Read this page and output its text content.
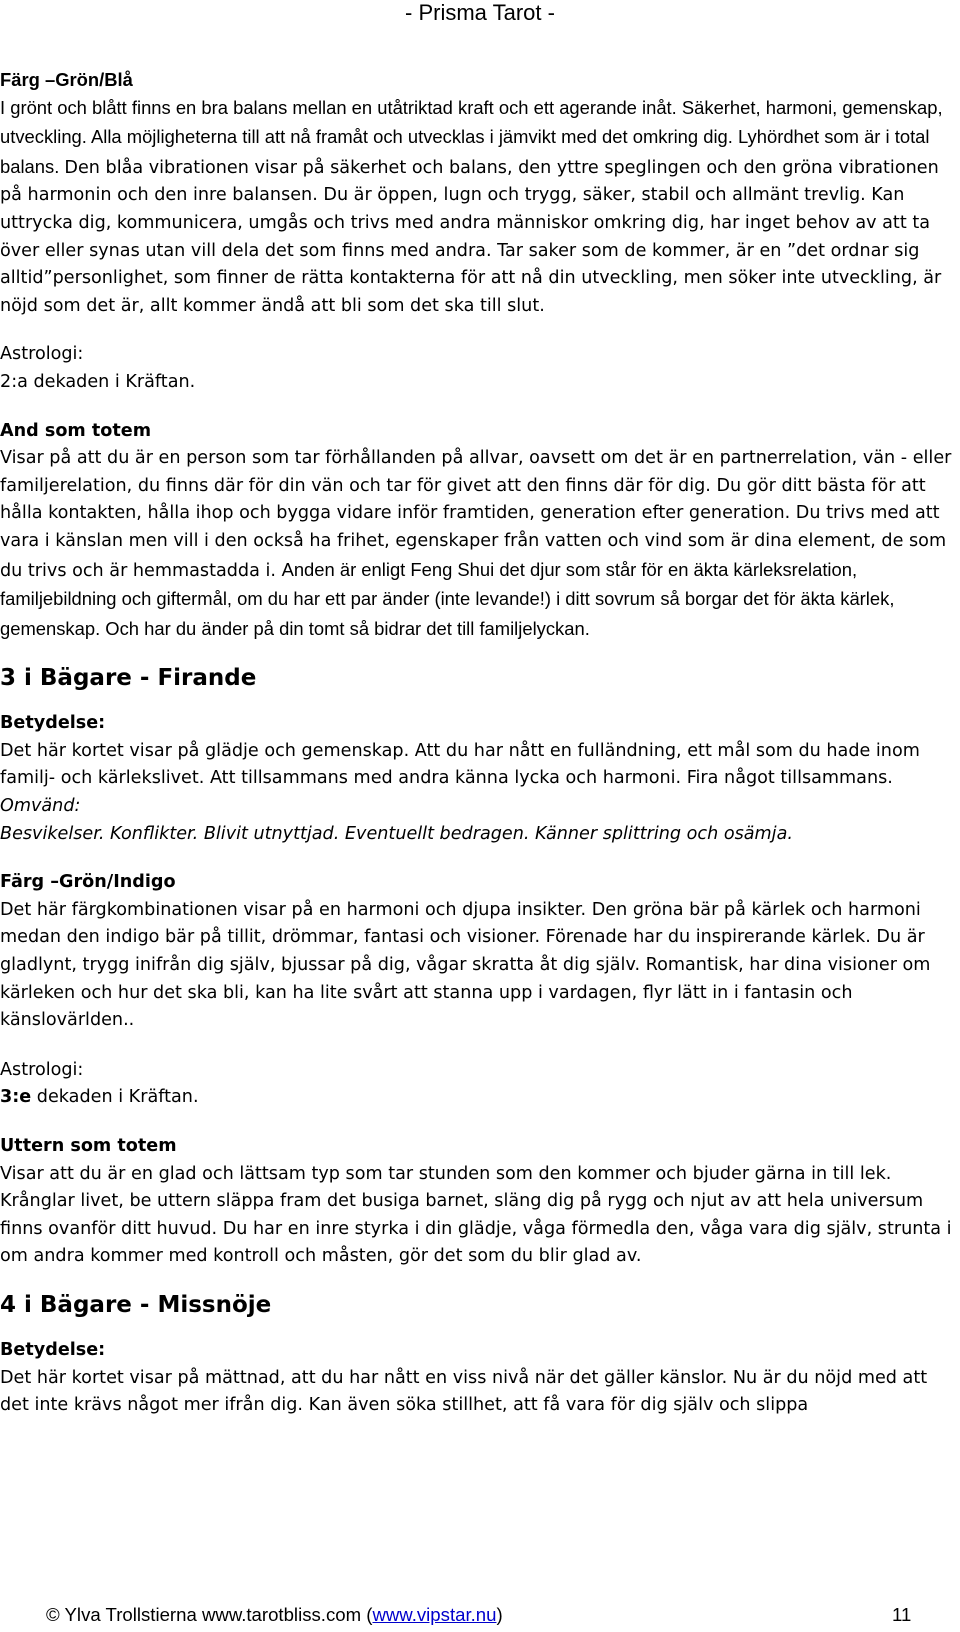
- Prisma Tarot -

Färg –Grön/Blå

I grönt och blått finns en bra balans mellan en utåtriktad kraft och ett agerande inåt. Säkerhet, harmoni, gemenskap, utveckling. Alla möjligheterna till att nå framåt och utvecklas i jämvikt med det omkring dig. Lyhördhet som är i total balans. Den blåa vibrationen visar på säkerhet och balans, den yttre speglingen och den gröna vibrationen på harmonin och den inre balansen. Du är öppen, lugn och trygg, säker, stabil och allmänt trevlig. Kan uttrycka dig, kommunicera, umgås och trivs med andra människor omkring dig, har inget behov av att ta över eller synas utan vill dela det som finns med andra. Tar saker som de kommer, är en ”det ordnar sig alltid”personlighet, som finner de rätta kontakterna för att nå din utveckling, men söker inte utveckling, är nöjd som det är, allt kommer ändå att bli som det ska till slut.

Astrologi:

2:a dekaden i Kräftan.

And som totem

Visar på att du är en person som tar förhållanden på allvar, oavsett om det är en partnerrelation, vän - eller familjerelation, du finns där för din vän och tar för givet att den finns där för dig. Du gör ditt bästa för att hålla kontakten, hålla ihop och bygga vidare inför framtiden, generation efter generation. Du trivs med att vara i känslan men vill i den också ha frihet, egenskaper från vatten och vind som är dina element, de som du trivs och är hemmastadda i. Anden är enligt Feng Shui det djur som står för en äkta kärleksrelation, familjebildning och giftermål, om du har ett par änder (inte levande!) i ditt sovrum så borgar det för äkta kärlek, gemenskap. Och har du änder på din tomt så bidrar det till familjelyckan.

3 i Bägare - Firande

Betydelse:

Det här kortet visar på glädje och gemenskap. Att du har nått en fulländning, ett mål som du hade inom familj- och kärlekslivet. Att tillsammans med andra känna lycka och harmoni. Fira något tillsammans.

Omvänd:

Besvikelser. Konflikter. Blivit utnyttjad. Eventuellt bedragen. Känner splittring och osämja.

Färg –Grön/Indigo

Det här färgkombinationen visar på en harmoni och djupa insikter. Den gröna bär på kärlek och harmoni medan den indigo bär på tillit, drömmar, fantasi och visioner. Förenade har du inspirerande kärlek. Du är gladlynt, trygg inifrån dig själv, bjussar på dig, vågar skratta åt dig själv. Romantisk, har dina visioner om kärleken och hur det ska bli, kan ha lite svårt att stanna upp i vardagen, flyr lätt in i fantasin och känslovärlden..

Astrologi:

3:e dekaden i Kräftan.

Uttern som totem

Visar att du är en glad och lättsam typ som tar stunden som den kommer och bjuder gärna in till lek. Krånglar livet, be uttern släppa fram det busiga barnet, släng dig på rygg och njut av att hela universum finns ovanför ditt huvud. Du har en inre styrka i din glädje, våga förmedla den, våga vara dig själv, strunta i om andra kommer med kontroll och måsten, gör det som du blir glad av.

4 i Bägare - Missnöje

Betydelse:

Det här kortet visar på mättnad, att du har nått en viss nivå när det gäller känslor. Nu är du nöjd med att det inte krävs något mer ifrån dig. Kan även söka stillhet, att få vara för dig själv och slippa

© Ylva Trollstierna www.tarotbliss.com (www.vipstar.nu)	11
